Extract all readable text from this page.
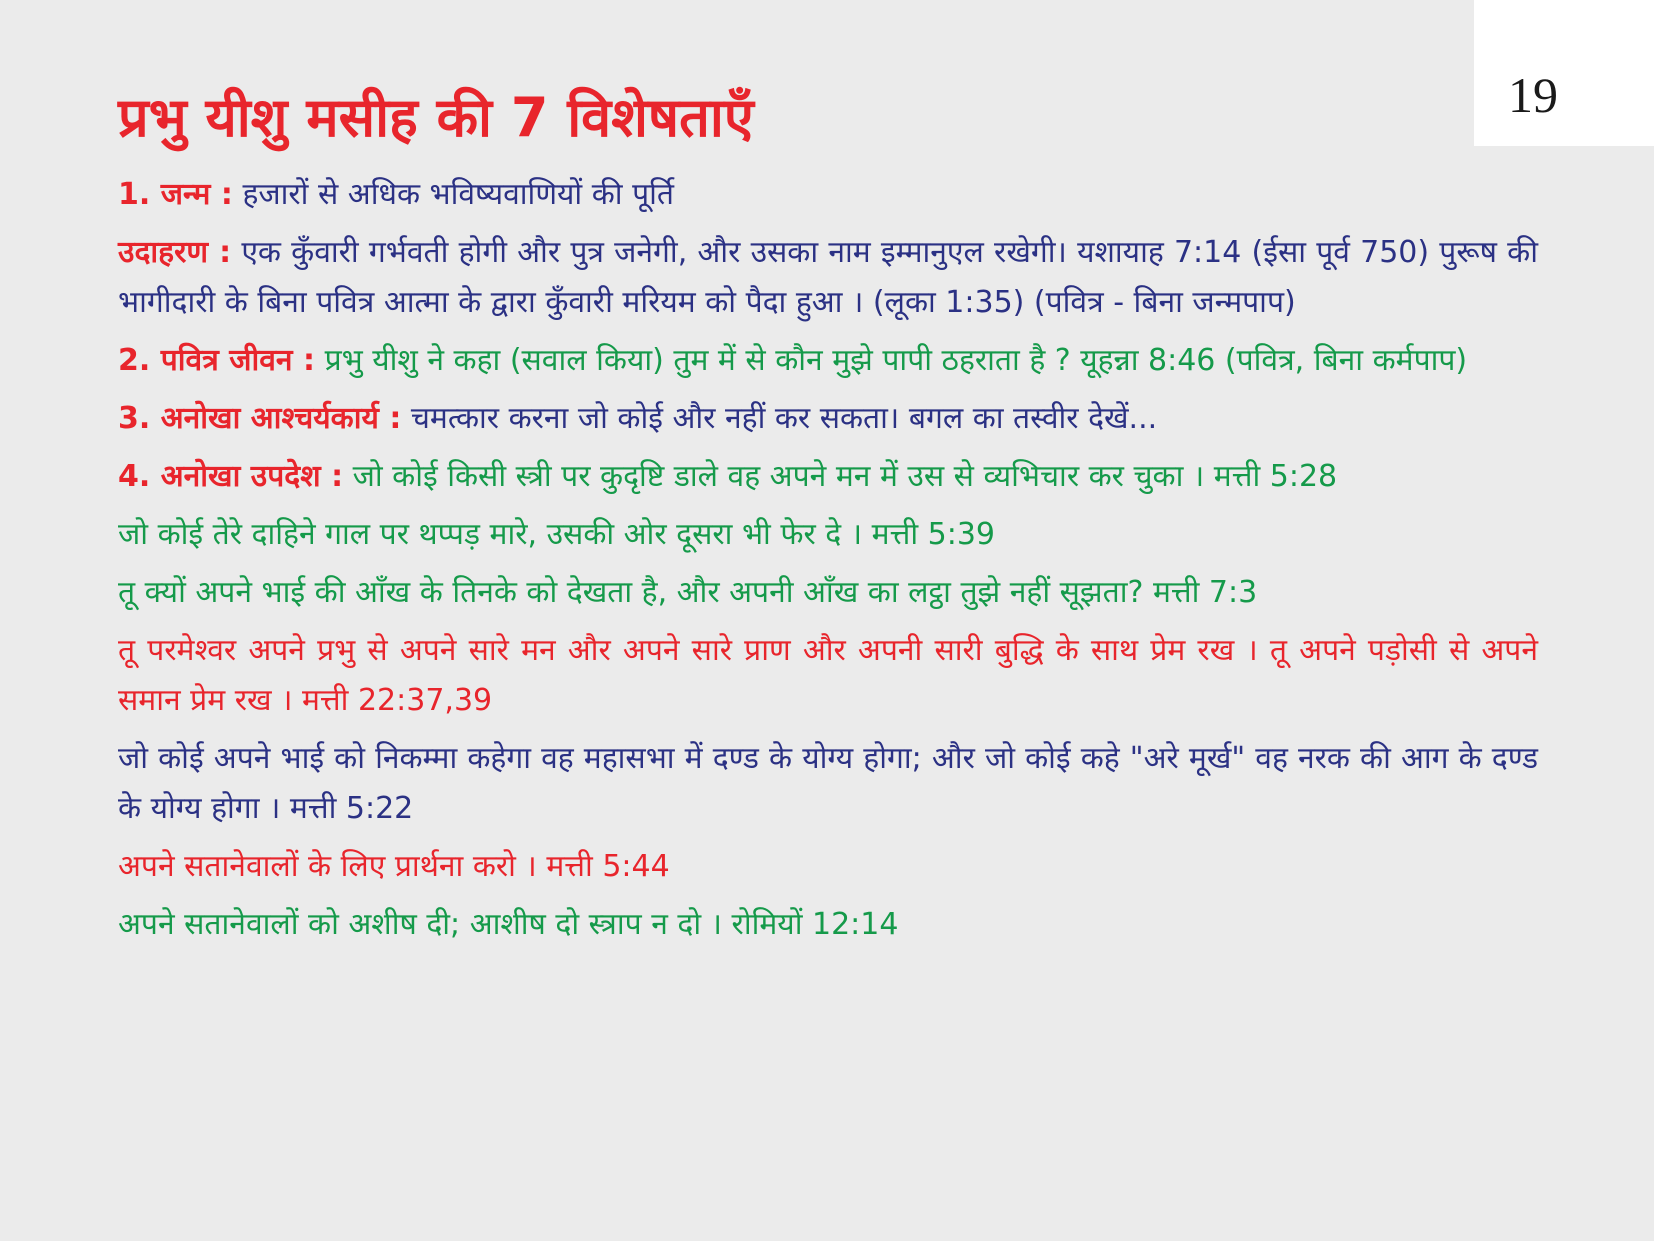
19
प्रभु यीशु मसीह की 7 विशेषताएँ

1. जन्म : हजारों से अधिक भविष्यवाणियों की पूर्ति

उदाहरण : एक कुँवारी गर्भवती होगी और पुत्र जनेगी, और उसका नाम इम्मानुएल रखेगी। यशायाह 7:14 (ईसा पूर्व 750) पुरूष की भागीदारी के बिना पवित्र आत्मा के द्वारा कुँवारी मरियम को पैदा हुआ । (लूका 1:35) (पवित्र - बिना जन्मपाप)

2. पवित्र जीवन : प्रभु यीशु ने कहा (सवाल किया) तुम में से कौन मुझे पापी ठहराता है ? यूहन्ना 8:46 (पवित्र, बिना कर्मपाप)

3. अनोखा आश्चर्यकार्य : चमत्कार करना जो कोई और नहीं कर सकता। बगल का तस्वीर देखें...

4. अनोखा उपदेश : जो कोई किसी स्त्री पर कुदृष्टि डाले वह अपने मन में उस से व्यभिचार कर चुका । मत्ती 5:28

जो कोई तेरे दाहिने गाल पर थप्पड़ मारे, उसकी ओर दूसरा भी फेर दे । मत्ती 5:39

तू क्यों अपने भाई की आँख के तिनके को देखता है, और अपनी आँख का लट्ठा तुझे नहीं सूझता? मत्ती 7:3

तू परमेश्वर अपने प्रभु से अपने सारे मन और अपने सारे प्राण और अपनी सारी बुद्धि के साथ प्रेम रख । तू अपने पड़ोसी से अपने समान प्रेम रख । मत्ती 22:37,39

जो कोई अपने भाई को निकम्मा कहेगा वह महासभा में दण्ड के योग्य होगा; और जो कोई कहे "अरे मूर्ख" वह नरक की आग के दण्ड के योग्य होगा । मत्ती 5:22

अपने सतानेवालों के लिए प्रार्थना करो । मत्ती 5:44

अपने सतानेवालों को अशीष दी; आशीष दो स्त्राप न दो । रोमियों 12:14
